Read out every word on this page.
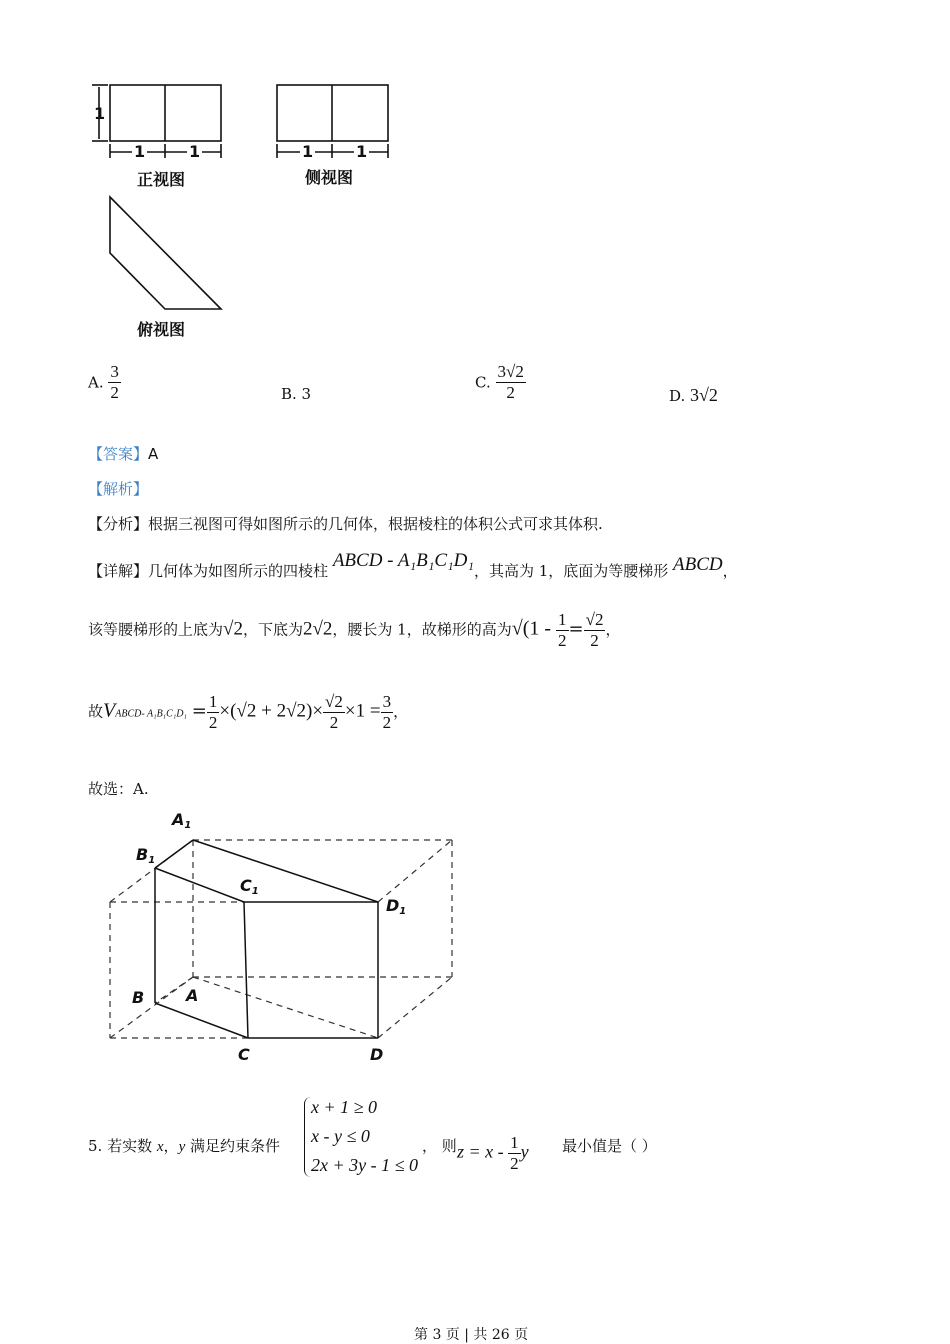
1
1	1	1	1
正视图	侧视图
俯视图
A. $\frac{3}{2}$	B. 3
C. $\frac{3√2}{2}$	D. 3√2
【答案】A
【解析】
【分析】根据三视图可得如图所示的几何体，根据棱柱的体积公式可求其体积.
【详解】几何体为如图所示的四棱柱 ABCD - A₁B₁C₁D₁，其高为 1，底面为等腰梯形 ABCD，
该等腰梯形的上底为√2，下底为2√2，腰长为 1，故梯形的高为$√(1 - \frac{1}{2} = \frac{√2}{2}$ ，
故VABCD- $A_1B_1C_1D_1 = \frac{1}{2} \times(√2 + 2√2)\times \frac{√2}{2} \times 1 = \frac{3}{2}$ ，
故选：A.
$A_1$
$B_1$
$C_1$
$D_1$
A
B
C	D
5. 若实数 x，y 满足约束条件
x + 1 ≥ 0
x - y ≤ 0
2x + 3y - 1 ≤ 0
， 则 $z = x - \frac{1}{2}$ y 最小值是（ ）
第 3 页 | 共 26 页
